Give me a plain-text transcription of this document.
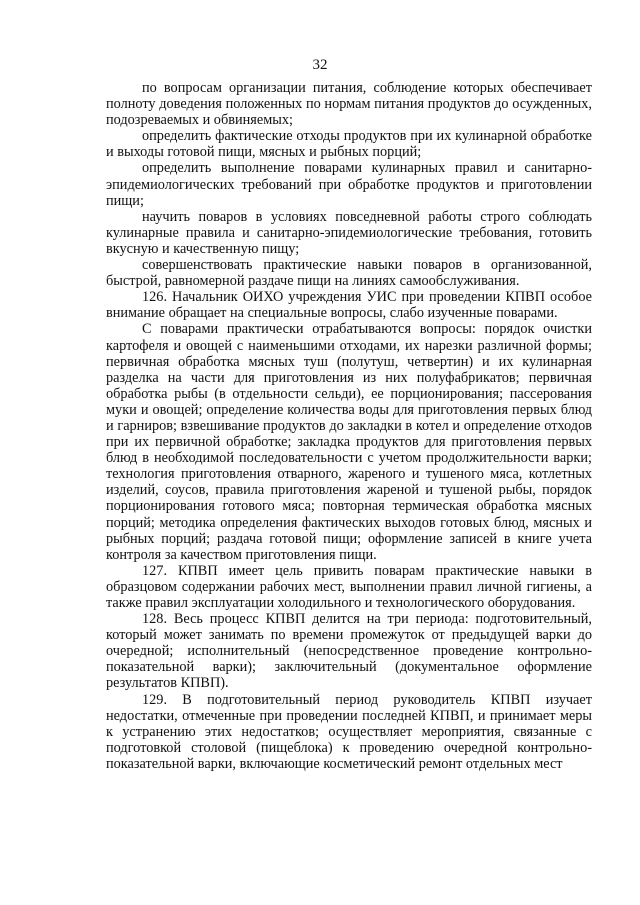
32

по вопросам организации питания, соблюдение которых обеспечивает полноту доведения положенных по нормам питания продуктов до осужденных, подозреваемых и обвиняемых;

определить фактические отходы продуктов при их кулинарной обработке и выходы готовой пищи, мясных и рыбных порций;

определить выполнение поварами кулинарных правил и санитарно-эпидемиологических требований при обработке продуктов и приготовлении пищи;

научить поваров в условиях повседневной работы строго соблюдать кулинарные правила и санитарно-эпидемиологические требования, готовить вкусную и качественную пищу;

совершенствовать практические навыки поваров в организованной, быстрой, равномерной раздаче пищи на линиях самообслуживания.

126. Начальник ОИХО учреждения УИС при проведении КПВП особое внимание обращает на специальные вопросы, слабо изученные поварами.

С поварами практически отрабатываются вопросы: порядок очистки картофеля и овощей с наименьшими отходами, их нарезки различной формы; первичная обработка мясных туш (полутуш, четвертин) и их кулинарная разделка на части для приготовления из них полуфабрикатов; первичная обработка рыбы (в отдельности сельди), ее порционирования; пассерования муки и овощей; определение количества воды для приготовления первых блюд и гарниров; взвешивание продуктов до закладки в котел и определение отходов при их первичной обработке; закладка продуктов для приготовления первых блюд в необходимой последовательности с учетом продолжительности варки; технология приготовления отварного, жареного и тушеного мяса, котлетных изделий, соусов, правила приготовления жареной и тушеной рыбы, порядок порционирования готового мяса; повторная термическая обработка мясных порций; методика определения фактических выходов готовых блюд, мясных и рыбных порций; раздача готовой пищи; оформление записей в книге учета контроля за качеством приготовления пищи.

127. КПВП имеет цель привить поварам практические навыки в образцовом содержании рабочих мест, выполнении правил личной гигиены, а также правил эксплуатации холодильного и технологического оборудования.

128. Весь процесс КПВП делится на три периода: подготовительный, который может занимать по времени промежуток от предыдущей варки до очередной; исполнительный (непосредственное проведение контрольно-показательной варки); заключительный (документальное оформление результатов КПВП).

129. В подготовительный период руководитель КПВП изучает недостатки, отмеченные при проведении последней КПВП, и принимает меры к устранению этих недостатков; осуществляет мероприятия, связанные с подготовкой столовой (пищеблока) к проведению очередной контрольно-показательной варки, включающие косметический ремонт отдельных мест
